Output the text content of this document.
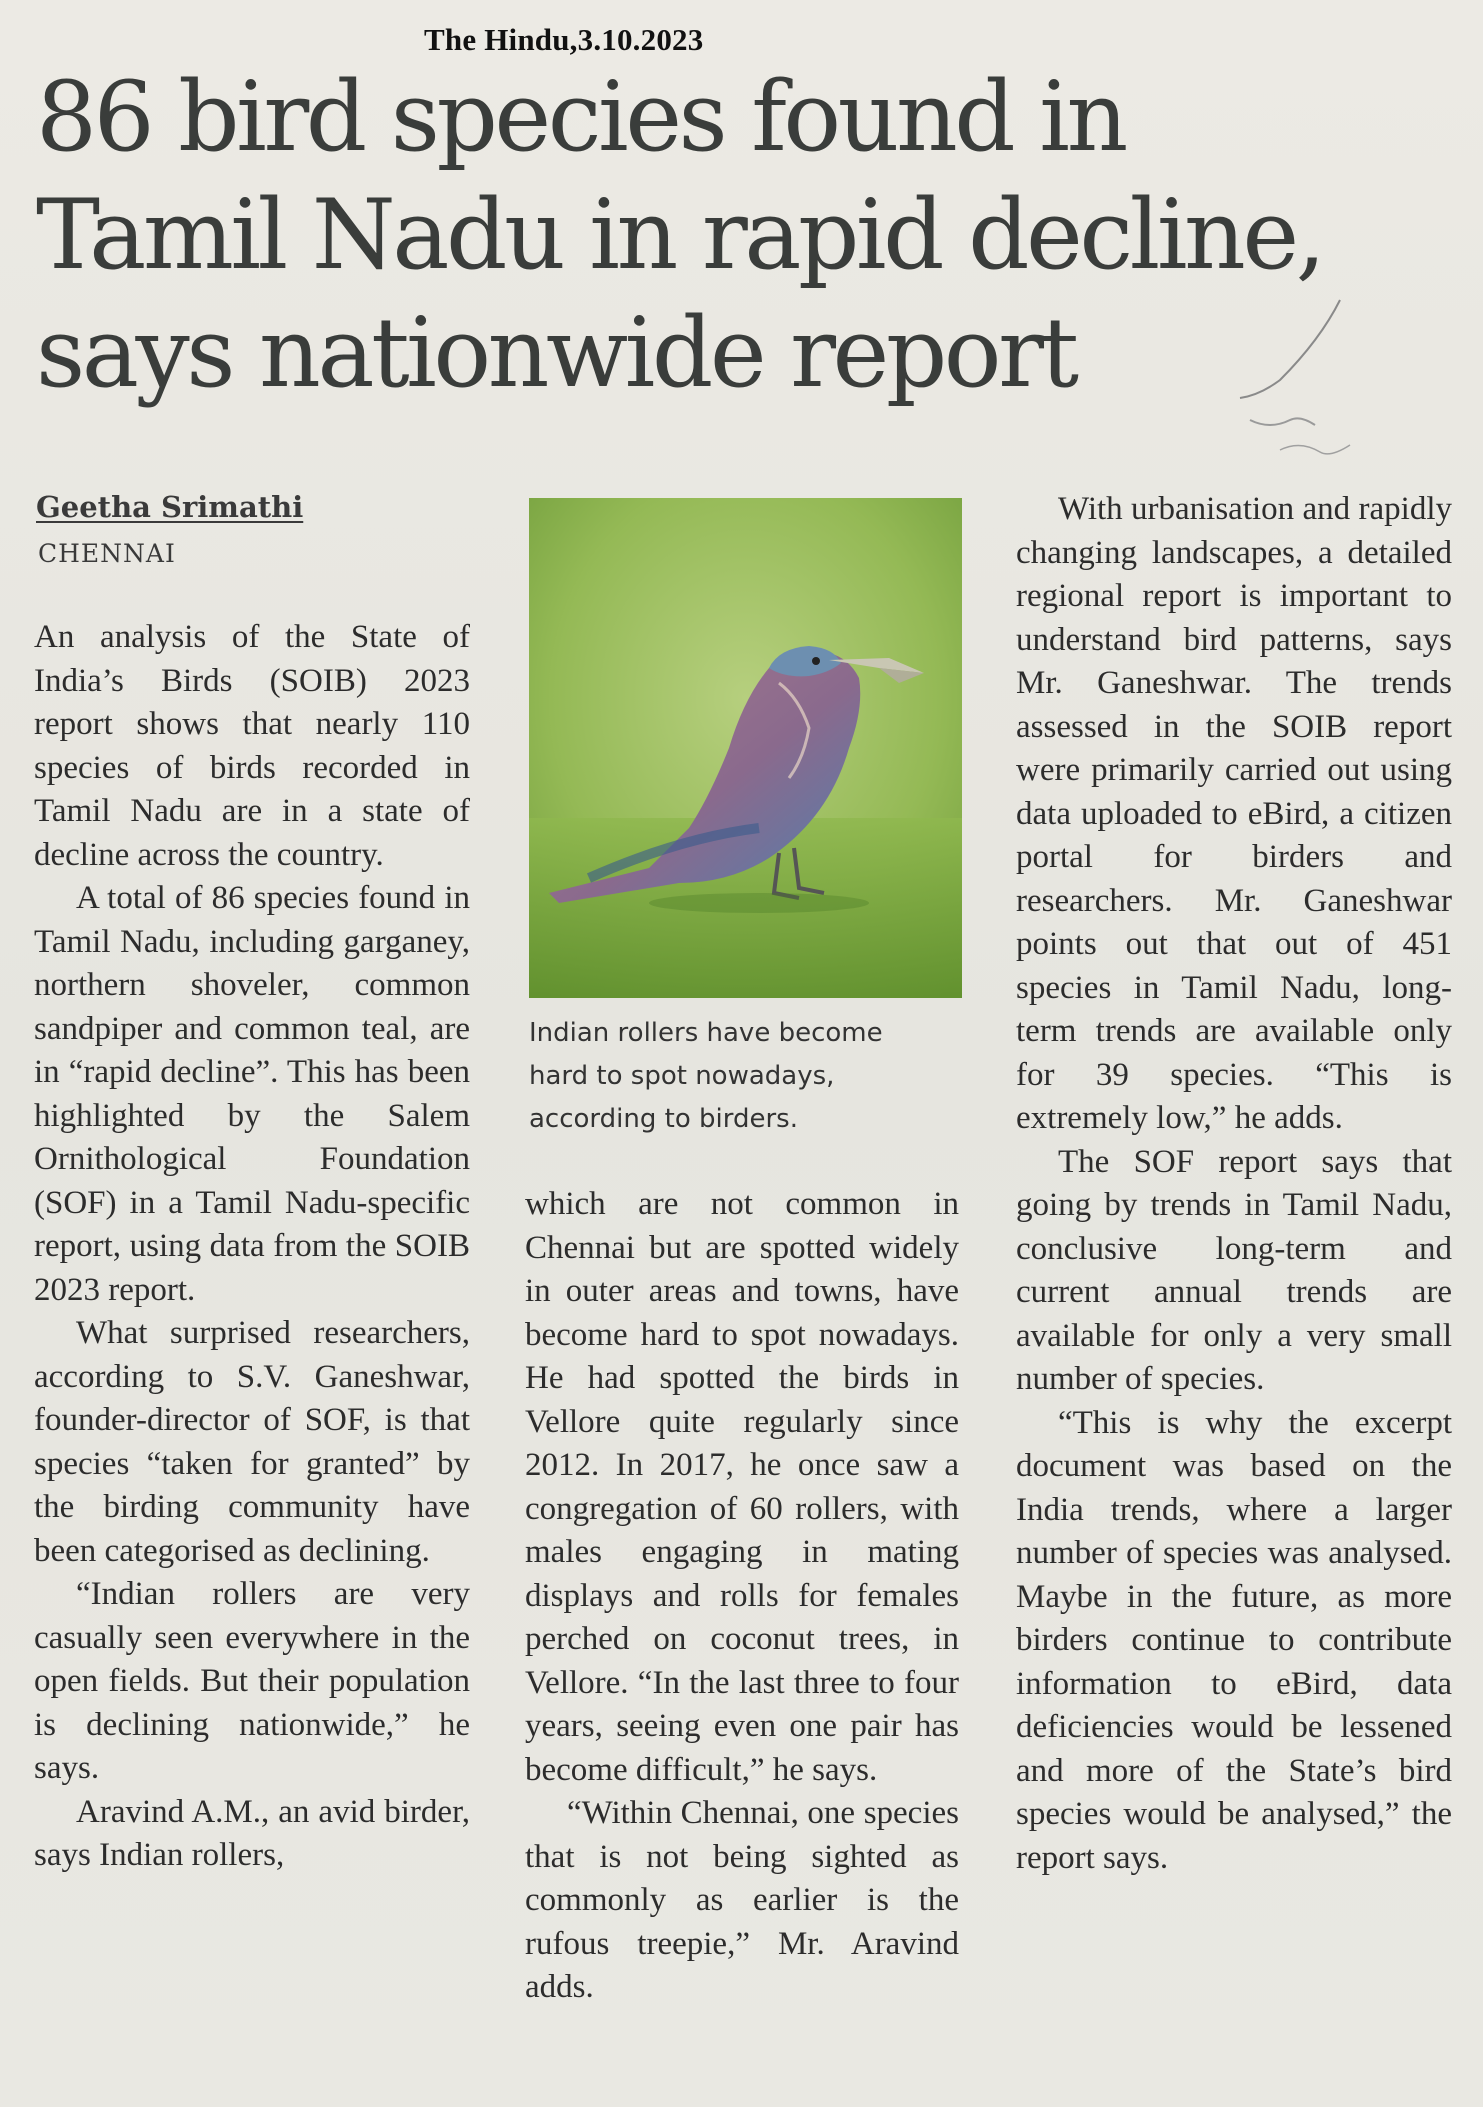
The Hindu,3.10.2023
86 bird species found in
Tamil Nadu in rapid decline,
says nationwide report
Geetha Srimathi
CHENNAI

An analysis of the State of India’s Birds (SOIB) 2023 report shows that nearly 110 species of birds recorded in Tamil Nadu are in a state of decline across the country.

A total of 86 species found in Tamil Nadu, including garganey, northern shoveler, common sandpiper and common teal, are in “rapid decline”. This has been highlighted by the Salem Ornithological Foundation (SOF) in a Tamil Nadu-specific report, using data from the SOIB 2023 report.

What surprised researchers, according to S.V. Ganeshwar, founder-director of SOF, is that species “taken for granted” by the birding community have been categorised as declining.

“Indian rollers are very casually seen everywhere in the open fields. But their population is declining nationwide,” he says.

Aravind A.M., an avid birder, says Indian rollers,

Indian rollers have become hard to spot nowadays, according to birders.

which are not common in Chennai but are spotted widely in outer areas and towns, have become hard to spot nowadays. He had spotted the birds in Vellore quite regularly since 2012. In 2017, he once saw a congregation of 60 rollers, with males engaging in mating displays and rolls for females perched on coconut trees, in Vellore. “In the last three to four years, seeing even one pair has become difficult,” he says.

“Within Chennai, one species that is not being sighted as commonly as earlier is the rufous treepie,” Mr. Aravind adds.

With urbanisation and rapidly changing landscapes, a detailed regional report is important to understand bird patterns, says Mr. Ganeshwar. The trends assessed in the SOIB report were primarily carried out using data uploaded to eBird, a citizen portal for birders and researchers. Mr. Ganeshwar points out that out of 451 species in Tamil Nadu, long-term trends are available only for 39 species. “This is extremely low,” he adds.

The SOF report says that going by trends in Tamil Nadu, conclusive long-term and current annual trends are available for only a very small number of species.

“This is why the excerpt document was based on the India trends, where a larger number of species was analysed. Maybe in the future, as more birders continue to contribute information to eBird, data deficiencies would be lessened and more of the State’s bird species would be analysed,” the report says.
